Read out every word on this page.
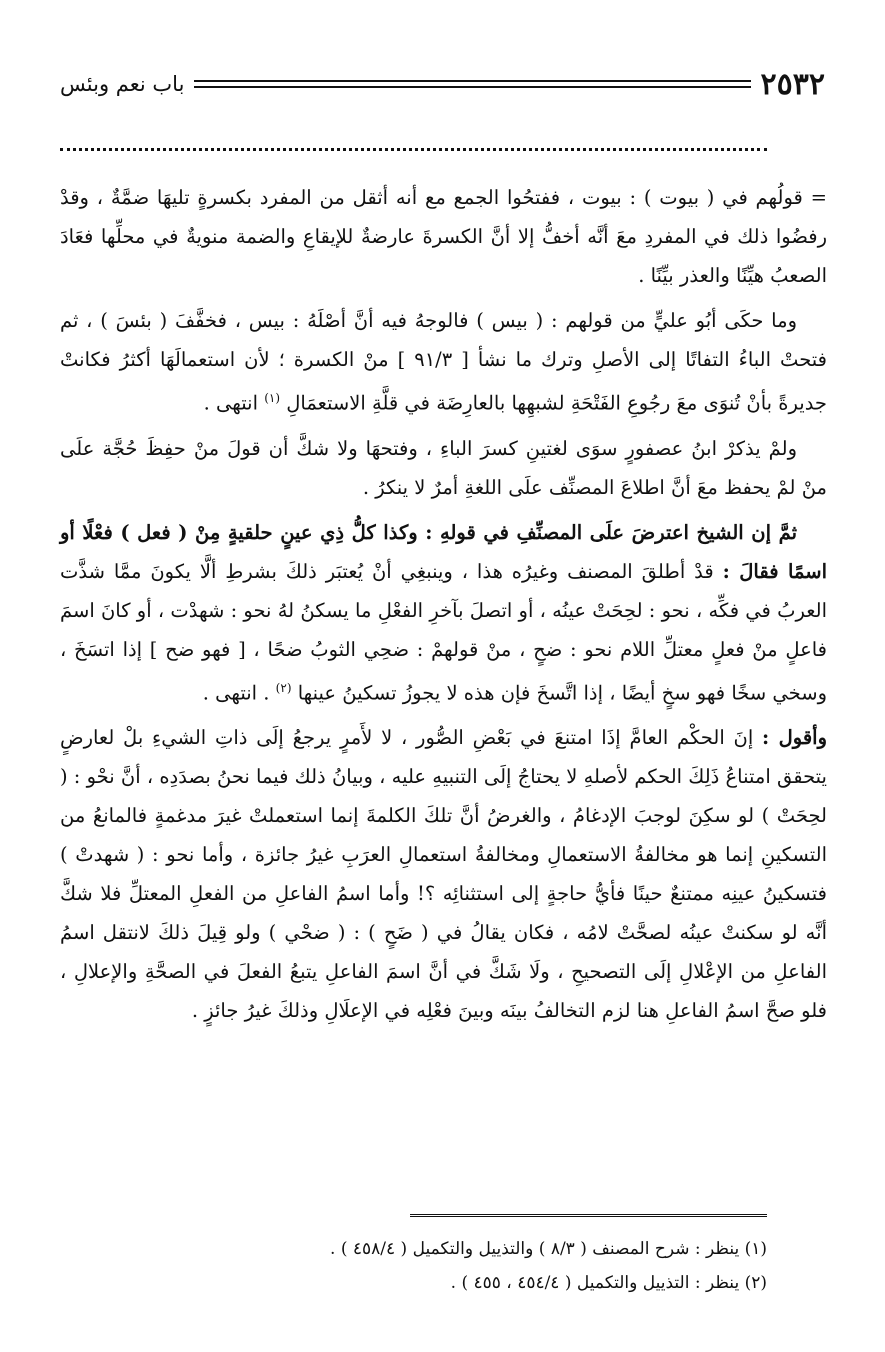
٢٥٣٢
باب نعم وبئس

= قولُهم في ( بيوت ) : بيوت ، ففتحُوا الجمع مع أنه أثقل من المفرد بكسرةٍ تليهَا ضمَّةٌ ، وقدْ رفضُوا ذلك في المفردِ معَ أنَّه أخفُّ إلا أنَّ الكسرةَ عارضةٌ للإيقاعِ والضمة منويةٌ في محلِّها فعَادَ الصعبُ هيِّنًا والعذر بيِّنًا .

وما حكَى أبُو عليٍّ من قولهم : ( بيس ) فالوجهُ فيه أنَّ أصْلَهُ : بيس ، فخفَّفَ ( بئسَ ) ، ثم فتحتْ الباءُ التفاتًا إلى الأصلِ وترك ما نشأ [ ٩١/٣ ] منْ الكسرة ؛ لأن استعمالَهَا أكثرُ فكانتْ جديرةً بأنْ تُنوَى معَ رجُوعِ الفَتْحَةِ لشبهِها بالعارِضَة في قلَّةِ الاستعمَالِ $^{(١)}$ انتهى .

ولمْ يذكرْ ابنُ عصفورٍ سوَى لغتينِ كسرَ الباءِ ، وفتحهَا ولا شكَّ أن قولَ منْ حفِظَ حُجَّة علَى منْ لمْ يحفظ معَ أنَّ اطلاعَ المصنِّف علَى اللغةِ أمرٌ لا ينكرُ .

ثمَّ إن الشيخ اعترضَ علَى المصنِّفِ في قولهِ : وكذا كلُّ ذِي عينٍ حلقيةٍ مِنْ ( فعل ) فعْلًا أو اسمًا فقالَ : قدْ أطلقَ المصنف وغيرُه هذا ، وينبغِي أنْ يُعتبَر ذلكَ بشرطِ ألَّا يكونَ ممَّا شذَّت العربُ في فكِّه ، نحو : لحِحَتْ عينُه ، أو اتصلَ بآخرِ الفعْلِ ما يسكنُ لهُ نحو : شهدْت ، أو كانَ اسمَ فاعلٍ منْ فعلٍ معتلِّ اللام نحو : ضحٍ ، منْ قولهمْ : ضحِي الثوبُ ضحًا ، [ فهو ضح ] إذا اتسَخَ ، وسخي سخًا فهو سخٍ أيضًا ، إذا اتَّسخَ فإن هذه لا يجوزُ تسكينُ عينها $^{(٢)}$ . انتهى .

وأقول : إنَ الحكْم العامَّ إذَا امتنعَ في بَعْضِ الصُّور ، لا لأَمرٍ يرجعُ إلَى ذاتِ الشيءِ بلْ لعارضٍ يتحقق امتناعُ ذَلِكَ الحكم لأصلهِ لا يحتاجُ إلَى التنبيهِ عليه ، وبيانُ ذلك فيما نحنُ بصدَدِه ، أنَّ نحْو : ( لحِحَتْ ) لو سكِنَ لوجبَ الإدغامُ ، والغرضُ أنَّ تلكَ الكلمةَ إنما استعملتْ غيرَ مدغمةٍ فالمانعُ من التسكينِ إنما هو مخالفةُ الاستعمالِ ومخالفةُ استعمالِ العرَبِ غيرُ جائزة ، وأما نحو : ( شهدتْ ) فتسكينُ عينِه ممتنعٌ حينًا فأيُّ حاجةٍ إلى استثنائِه ؟! وأما اسمُ الفاعلِ من الفعلِ المعتلِّ فلا شكَّ أنَّه لو سكنتْ عينُه لصحَّتْ لامُه ، فكان يقالُ في ( ضَحٍ ) : ( ضحْي ) ولو قِيلَ ذلكَ لانتقل اسمُ الفاعلِ من الإعْلالِ إلَى التصحيحِ ، ولَا شَكَّ في أنَّ اسمَ الفاعلِ يتبعُ الفعلَ في الصحَّةِ والإعلالِ ، فلو صحَّ اسمُ الفاعلِ هنا لزم التخالفُ بينَه وبينَ فعْلِه في الإعلَالِ وذلكَ غيرُ جائزٍ .

(١) ينظر : شرح المصنف ( ٨/٣ ) والتذييل والتكميل ( ٤٥٨/٤ ) .
(٢) ينظر : التذييل والتكميل ( ٤٥٤/٤ ، ٤٥٥ ) .
